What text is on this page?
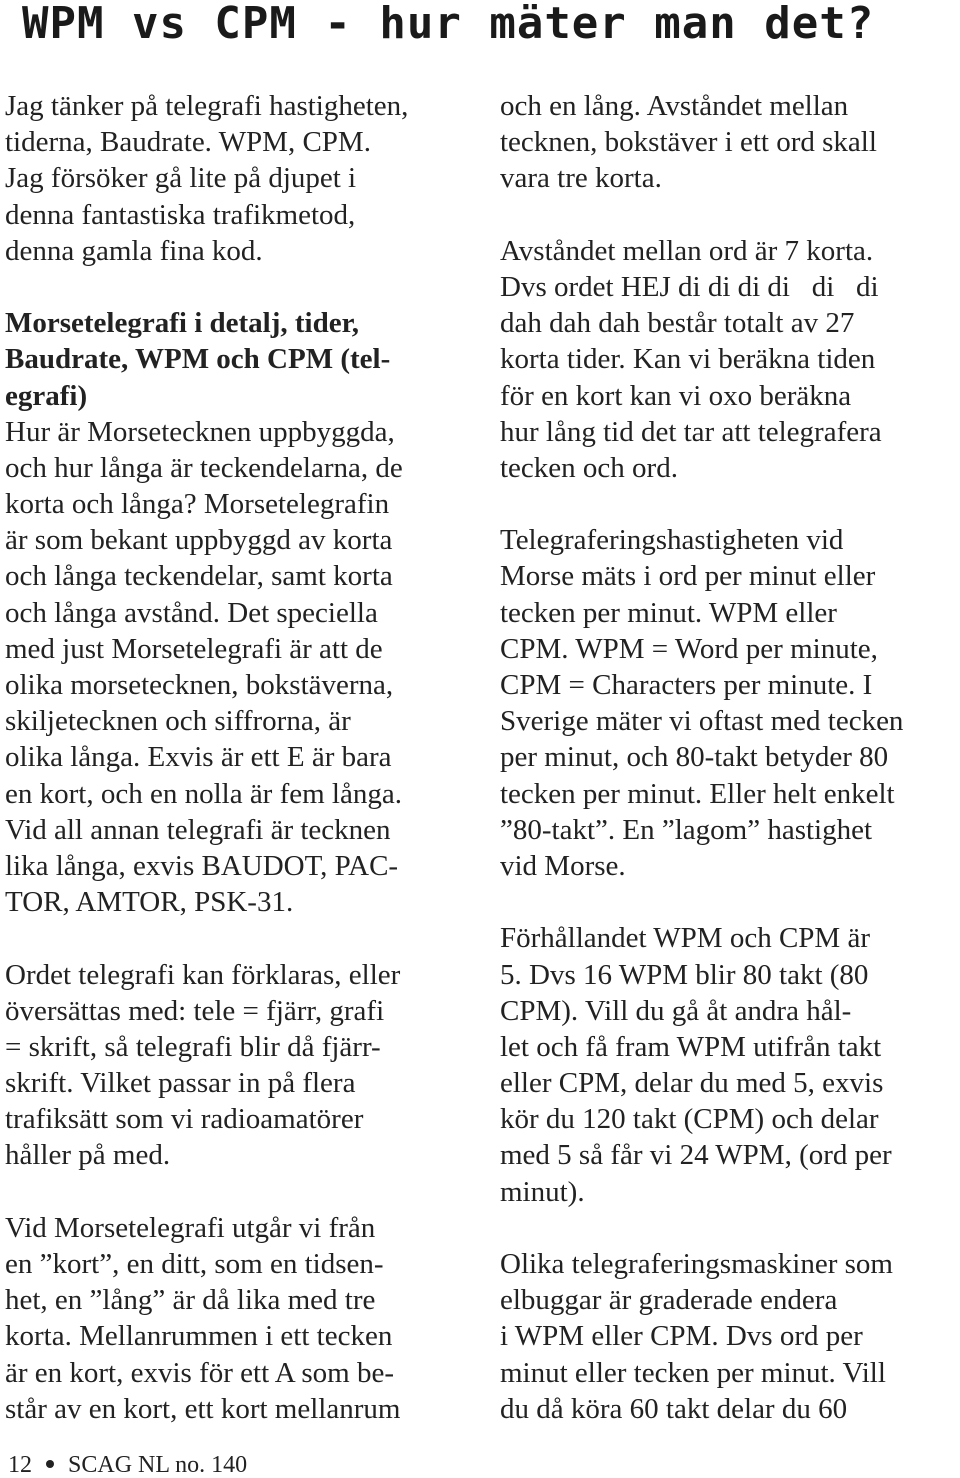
WPM vs CPM - hur mäter man det?
Jag tänker på telegrafi hastigheten,
tiderna, Baudrate. WPM, CPM.
Jag försöker gå lite på djupet i
denna fantastiska trafikmetod,
denna gamla fina kod.
Morsetelegrafi i detalj, tider,
Baudrate, WPM och CPM (tel-
egrafi)
Hur är Morsetecknen uppbyggda,
och hur långa är teckendelarna, de
korta och långa? Morsetelegrafin
är som bekant uppbyggd av korta
och långa teckendelar, samt korta
och långa avstånd. Det speciella
med just Morsetelegrafi är att de
olika morsetecknen, bokstäverna,
skiljetecknen och siffrorna, är
olika långa. Exvis är ett E är bara
en kort, och en nolla är fem långa.
Vid all annan telegrafi är tecknen
lika långa, exvis BAUDOT, PAC-
TOR, AMTOR, PSK-31.
Ordet telegrafi kan förklaras, eller
översättas med: tele = fjärr, grafi
= skrift, så telegrafi blir då fjärr-
skrift. Vilket passar in på flera
trafiksätt som vi radioamatörer
håller på med.
Vid Morsetelegrafi utgår vi från
en ”kort”, en ditt, som en tidsen-
het, en ”lång” är då lika med tre
korta. Mellanrummen i ett tecken
är en kort, exvis för ett A som be-
står av en kort, ett kort mellanrum
och en lång. Avståndet mellan
tecknen, bokstäver i ett ord skall
vara tre korta.
Avståndet mellan ord är 7 korta.
Dvs ordet HEJ di di di di   di   di
dah dah dah består totalt av 27
korta tider. Kan vi beräkna tiden
för en kort kan vi oxo beräkna
hur lång tid det tar att telegrafera
tecken och ord.
Telegraferingshastigheten vid
Morse mäts i ord per minut eller
tecken per minut. WPM eller
CPM. WPM = Word per minute,
CPM = Characters per minute. I
Sverige mäter vi oftast med tecken
per minut, och 80-takt betyder 80
tecken per minut. Eller helt enkelt
”80-takt”. En ”lagom” hastighet
vid Morse.
Förhållandet WPM och CPM är
5. Dvs 16 WPM blir 80 takt (80
CPM). Vill du gå åt andra hål-
let och få fram WPM utifrån takt
eller CPM, delar du med 5, exvis
kör du 120 takt (CPM) och delar
med 5 så får vi 24 WPM, (ord per
minut).
Olika telegraferingsmaskiner som
elbuggar är graderade endera
i WPM eller CPM. Dvs ord per
minut eller tecken per minut. Vill
du då köra 60 takt delar du 60
12 SCAG NL no. 140
